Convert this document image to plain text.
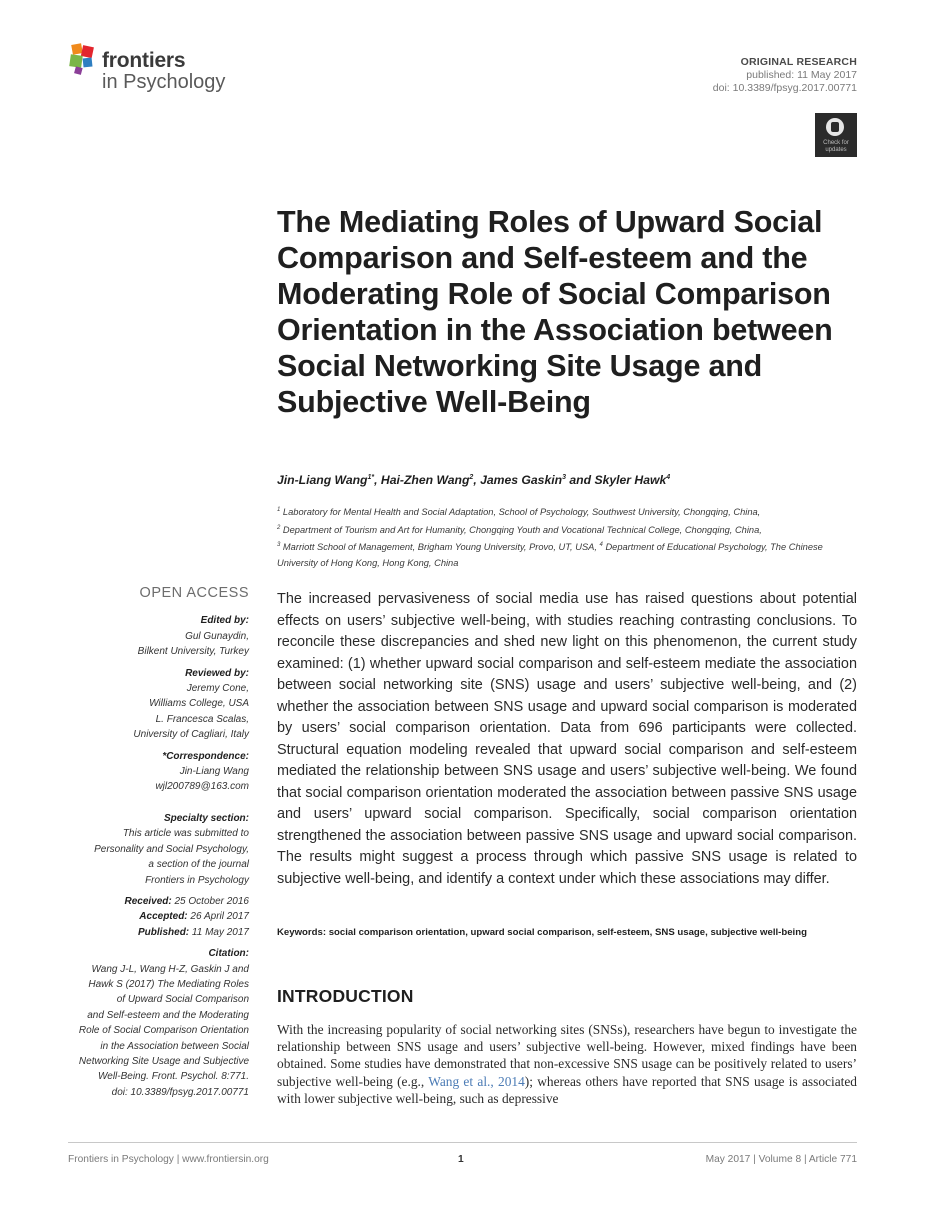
frontiers
in Psychology
ORIGINAL RESEARCH
published: 11 May 2017
doi: 10.3389/fpsyg.2017.00771
Check for updates
The Mediating Roles of Upward Social Comparison and Self-esteem and the Moderating Role of Social Comparison Orientation in the Association between Social Networking Site Usage and Subjective Well-Being
Jin-Liang Wang$^{1*}$, Hai-Zhen Wang$^2$, James Gaskin$^3$ and Skyler Hawk$^4$
$^1$ Laboratory for Mental Health and Social Adaptation, School of Psychology, Southwest University, Chongqing, China,
$^2$ Department of Tourism and Art for Humanity, Chongqing Youth and Vocational Technical College, Chongqing, China,
$^3$ Marriott School of Management, Brigham Young University, Provo, UT, USA, $^4$ Department of Educational Psychology, The Chinese University of Hong Kong, Hong Kong, China
OPEN ACCESS
Edited by:
Gul Gunaydin,
Bilkent University, Turkey
Reviewed by:
Jeremy Cone,
Williams College, USA
L. Francesca Scalas,
University of Cagliari, Italy
*Correspondence:
Jin-Liang Wang
wjl200789@163.com
Specialty section:
This article was submitted to
Personality and Social Psychology,
a section of the journal
Frontiers in Psychology
Received: 25 October 2016
Accepted: 26 April 2017
Published: 11 May 2017
Citation:
Wang J-L, Wang H-Z, Gaskin J and
Hawk S (2017) The Mediating Roles
of Upward Social Comparison
and Self-esteem and the Moderating
Role of Social Comparison Orientation
in the Association between Social
Networking Site Usage and Subjective
Well-Being. Front. Psychol. 8:771.
doi: 10.3389/fpsyg.2017.00771

The increased pervasiveness of social media use has raised questions about potential effects on users’ subjective well-being, with studies reaching contrasting conclusions. To reconcile these discrepancies and shed new light on this phenomenon, the current study examined: (1) whether upward social comparison and self-esteem mediate the association between social networking site (SNS) usage and users’ subjective well-being, and (2) whether the association between SNS usage and upward social comparison is moderated by users’ social comparison orientation. Data from 696 participants were collected. Structural equation modeling revealed that upward social comparison and self-esteem mediated the relationship between SNS usage and users’ subjective well-being. We found that social comparison orientation moderated the association between passive SNS usage and users’ upward social comparison. Specifically, social comparison orientation strengthened the association between passive SNS usage and upward social comparison. The results might suggest a process through which passive SNS usage is related to subjective well-being, and identify a context under which these associations may differ.

Keywords: social comparison orientation, upward social comparison, self-esteem, SNS usage, subjective well-being
INTRODUCTION

With the increasing popularity of social networking sites (SNSs), researchers have begun to investigate the relationship between SNS usage and users’ subjective well-being. However, mixed findings have been obtained. Some studies have demonstrated that non-excessive SNS usage can be positively related to users’ subjective well-being (e.g., Wang et al., 2014); whereas others have reported that SNS usage is associated with lower subjective well-being, such as depressive

Frontiers in Psychology | www.frontiersin.org	1	May 2017 | Volume 8 | Article 771
